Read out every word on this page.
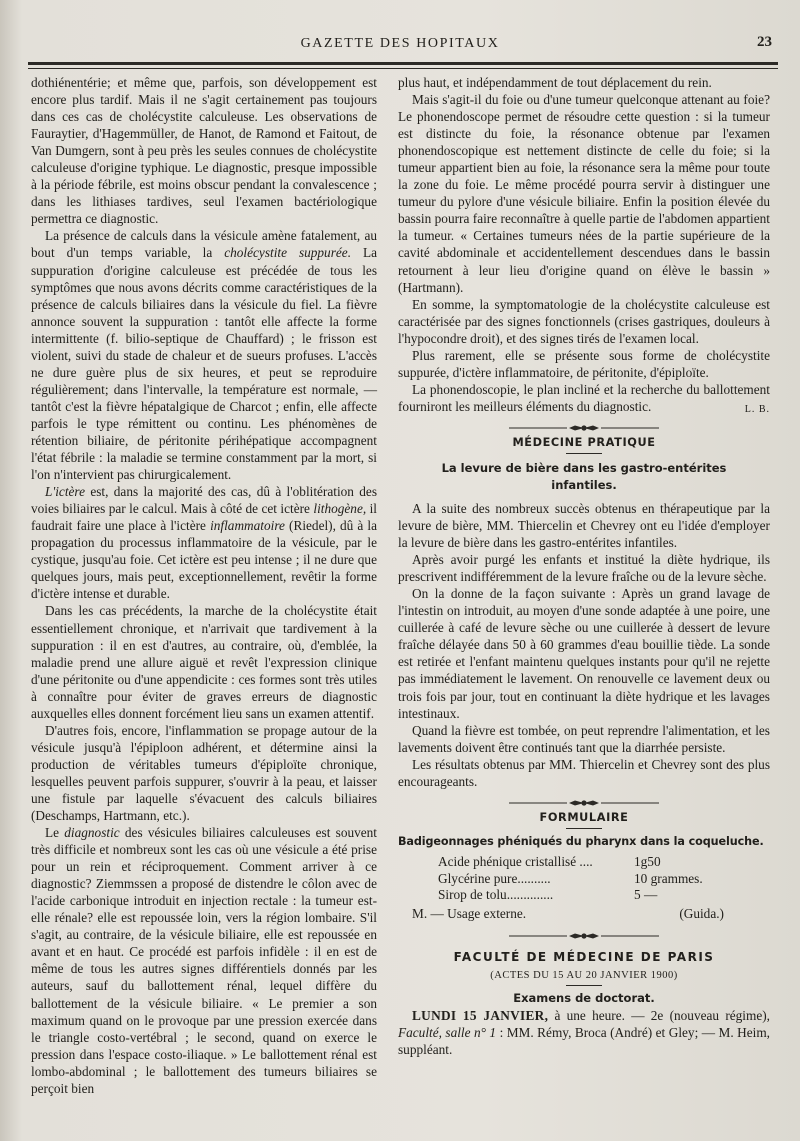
GAZETTE DES HOPITAUX	23

dothiénentérie; et même que, parfois, son développement est encore plus tardif. Mais il ne s'agit certainement pas toujours dans ces cas de cholécystite calculeuse. Les observations de Fauraytier, d'Hagemmüller, de Hanot, de Ramond et Faitout, de Van Dumgern, sont à peu près les seules connues de cholécystite calculeuse d'origine typhique. Le diagnostic, presque impossible à la période fébrile, est moins obscur pendant la convalescence ; dans les lithiases tardives, seul l'examen bactériologique permettra ce diagnostic.

La présence de calculs dans la vésicule amène fatalement, au bout d'un temps variable, la cholécystite suppurée. La suppuration d'origine calculeuse est précédée de tous les symptômes que nous avons décrits comme caractéristiques de la présence de calculs biliaires dans la vésicule du fiel. La fièvre annonce souvent la suppuration : tantôt elle affecte la forme intermittente (f. bilio-septique de Chauffard) ; le frisson est violent, suivi du stade de chaleur et de sueurs profuses. L'accès ne dure guère plus de six heures, et peut se reproduire régulièrement; dans l'intervalle, la température est normale, — tantôt c'est la fièvre hépatalgique de Charcot ; enfin, elle affecte parfois le type rémittent ou continu. Les phénomènes de rétention biliaire, de péritonite périhépatique accompagnent l'état fébrile : la maladie se termine constamment par la mort, si l'on n'intervient pas chirurgicalement.

L'ictère est, dans la majorité des cas, dû à l'oblitération des voies biliaires par le calcul. Mais à côté de cet ictère lithogène, il faudrait faire une place à l'ictère inflammatoire (Riedel), dû à la propagation du processus inflammatoire de la vésicule, par le cystique, jusqu'au foie. Cet ictère est peu intense ; il ne dure que quelques jours, mais peut, exceptionnellement, revêtir la forme d'ictère intense et durable.

Dans les cas précédents, la marche de la cholécystite était essentiellement chronique, et n'arrivait que tardivement à la suppuration : il en est d'autres, au contraire, où, d'emblée, la maladie prend une allure aiguë et revêt l'expression clinique d'une péritonite ou d'une appendicite : ces formes sont très utiles à connaître pour éviter de graves erreurs de diagnostic auxquelles elles donnent forcément lieu sans un examen attentif.

D'autres fois, encore, l'inflammation se propage autour de la vésicule jusqu'à l'épiploon adhérent, et détermine ainsi la production de véritables tumeurs d'épiploïte chronique, lesquelles peuvent parfois suppurer, s'ouvrir à la peau, et laisser une fistule par laquelle s'évacuent des calculs biliaires (Deschamps, Hartmann, etc.).

Le diagnostic des vésicules biliaires calculeuses est souvent très difficile et nombreux sont les cas où une vésicule a été prise pour un rein et réciproquement. Comment arriver à ce diagnostic? Ziemmssen a proposé de distendre le côlon avec de l'acide carbonique introduit en injection rectale : la tumeur est-elle rénale? elle est repoussée loin, vers la région lombaire. S'il s'agit, au contraire, de la vésicule biliaire, elle est repoussée en avant et en haut. Ce procédé est parfois infidèle : il en est de même de tous les autres signes différentiels donnés par les auteurs, sauf du ballottement rénal, lequel diffère du ballottement de la vésicule biliaire. « Le premier a son maximum quand on le provoque par une pression exercée dans le triangle costo-vertébral ; le second, quand on exerce le pression dans l'espace costo-iliaque. » Le ballottement rénal est lombo-abdominal ; le ballottement des tumeurs biliaires se perçoit bien

plus haut, et indépendamment de tout déplacement du rein.

Mais s'agit-il du foie ou d'une tumeur quelconque attenant au foie? Le phonendoscope permet de résoudre cette question : si la tumeur est distincte du foie, la résonance obtenue par l'examen phonendoscopique est nettement distincte de celle du foie; si la tumeur appartient bien au foie, la résonance sera la même pour toute la zone du foie. Le même procédé pourra servir à distinguer une tumeur du pylore d'une vésicule biliaire. Enfin la position élevée du bassin pourra faire reconnaître à quelle partie de l'abdomen appartient la tumeur. « Certaines tumeurs nées de la partie supérieure de la cavité abdominale et accidentellement descendues dans le bassin retournent à leur lieu d'origine quand on élève le bassin » (Hartmann).

En somme, la symptomatologie de la cholécystite calculeuse est caractérisée par des signes fonctionnels (crises gastriques, douleurs à l'hypocondre droit), et des signes tirés de l'examen local.

Plus rarement, elle se présente sous forme de cholécystite suppurée, d'ictère inflammatoire, de péritonite, d'épiploïte.

La phonendoscopie, le plan incliné et la recherche du ballottement fourniront les meilleurs éléments du diagnostic.	L. B.

MÉDECINE PRATIQUE
La levure de bière dans les gastro-entérites infantiles.

A la suite des nombreux succès obtenus en thérapeutique par la levure de bière, MM. Thiercelin et Chevrey ont eu l'idée d'employer la levure de bière dans les gastro-entérites infantiles.

Après avoir purgé les enfants et institué la diète hydrique, ils prescrivent indifféremment de la levure fraîche ou de la levure sèche.

On la donne de la façon suivante : Après un grand lavage de l'intestin on introduit, au moyen d'une sonde adaptée à une poire, une cuillerée à café de levure sèche ou une cuillerée à dessert de levure fraîche délayée dans 50 à 60 grammes d'eau bouillie tiède. La sonde est retirée et l'enfant maintenu quelques instants pour qu'il ne rejette pas immédiatement le lavement. On renouvelle ce lavement deux ou trois fois par jour, tout en continuant la diète hydrique et les lavages intestinaux.

Quand la fièvre est tombée, on peut reprendre l'alimentation, et les lavements doivent être continués tant que la diarrhée persiste.

Les résultats obtenus par MM. Thiercelin et Chevrey sont des plus encourageants.

FORMULAIRE
Badigeonnages phéniqués du pharynx dans la coqueluche.
Acide phénique cristallisé ....	1g50
Glycérine pure..........	10 grammes.
Sirop de tolu..............	5 —
M. — Usage externe.	(Guida.)
FACULTÉ DE MÉDECINE DE PARIS
(ACTES DU 15 AU 20 JANVIER 1900)
Examens de doctorat.

LUNDI 15 JANVIER, à une heure. — 2e (nouveau régime), Faculté, salle n° 1 : MM. Rémy, Broca (André) et Gley; — M. Heim, suppléant.
